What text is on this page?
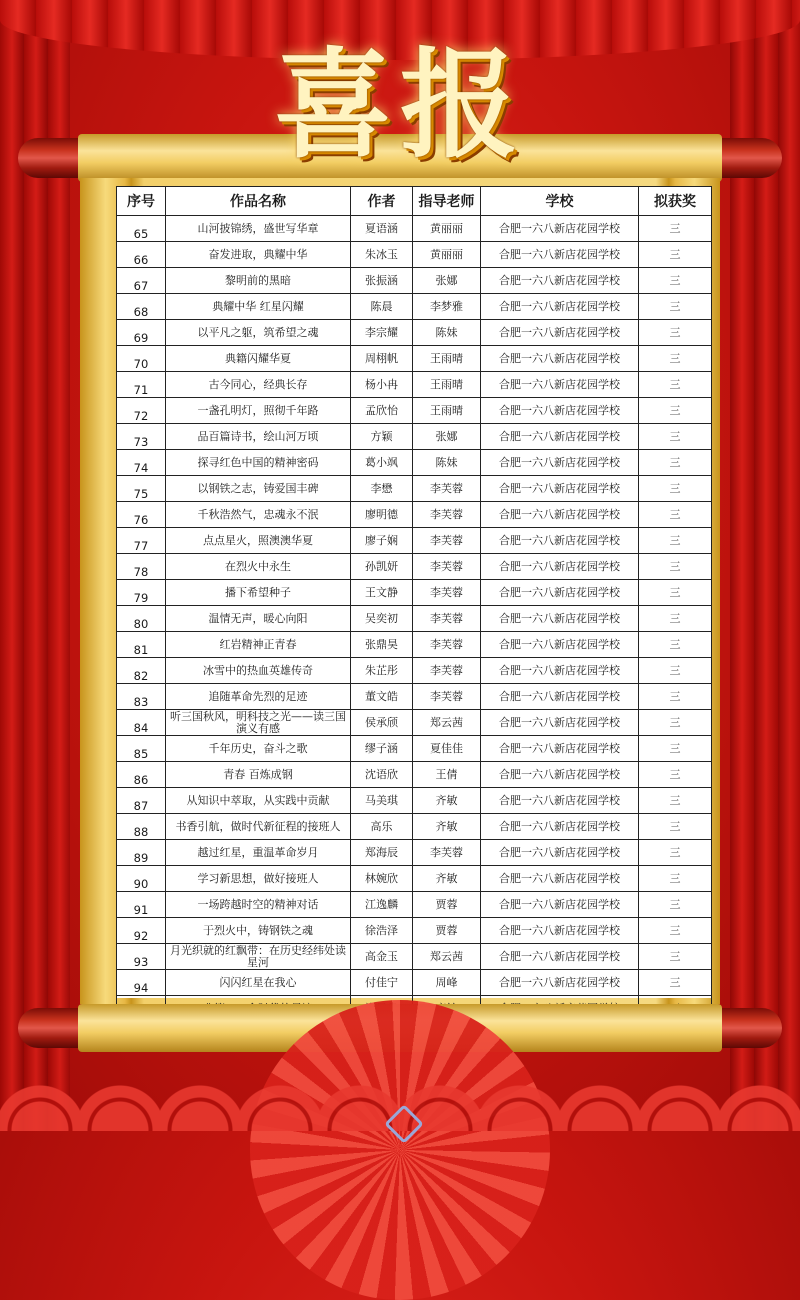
序号	作品名称	作者	指导老师	学校	拟获奖
65	山河披锦绣，盛世写华章	夏语涵	黄丽丽	合肥一六八新店花园学校	三
66	奋发进取，典耀中华	朱冰玉	黄丽丽	合肥一六八新店花园学校	三
67	黎明前的黑暗	张振涵	张娜	合肥一六八新店花园学校	三
68	典耀中华 红星闪耀	陈晨	李梦雅	合肥一六八新店花园学校	三
69	以平凡之躯，筑希望之魂	李宗耀	陈妹	合肥一六八新店花园学校	三
70	典籍闪耀华夏	周栩帆	王雨晴	合肥一六八新店花园学校	三
71	古今同心，经典长存	杨小冉	王雨晴	合肥一六八新店花园学校	三
72	一盏孔明灯，照彻千年路	孟欣怡	王雨晴	合肥一六八新店花园学校	三
73	品百篇诗书，绘山河万顷	方颖	张娜	合肥一六八新店花园学校	三
74	探寻红色中国的精神密码	葛小飒	陈妹	合肥一六八新店花园学校	三
75	以钢铁之志，铸爱国丰碑	李懋	李芙蓉	合肥一六八新店花园学校	三
76	千秋浩然气，忠魂永不泯	廖明德	李芙蓉	合肥一六八新店花园学校	三
77	点点星火，照澳澳华夏	廖子娴	李芙蓉	合肥一六八新店花园学校	三
78	在烈火中永生	孙凯妍	李芙蓉	合肥一六八新店花园学校	三
79	播下希望种子	王文静	李芙蓉	合肥一六八新店花园学校	三
80	温情无声，暖心向阳	吴奕初	李芙蓉	合肥一六八新店花园学校	三
81	红岩精神正青春	张鼎昊	李芙蓉	合肥一六八新店花园学校	三
82	冰雪中的热血英雄传奇	朱芷彤	李芙蓉	合肥一六八新店花园学校	三
83	追随革命先烈的足迹	董文皓	李芙蓉	合肥一六八新店花园学校	三
84	听三国秋风，明科技之光——读三国演义有感	侯承颀	郑云茜	合肥一六八新店花园学校	三
85	千年历史，奋斗之歌	缪子涵	夏佳佳	合肥一六八新店花园学校	三
86	青春 百炼成钢	沈语欣	王倩	合肥一六八新店花园学校	三
87	从知识中萃取，从实践中贡献	马美琪	齐敏	合肥一六八新店花园学校	三
88	书香引航，做时代新征程的接班人	高乐	齐敏	合肥一六八新店花园学校	三
89	越过红星，重温革命岁月	郑海辰	李芙蓉	合肥一六八新店花园学校	三
90	学习新思想，做好接班人	林婉欣	齐敏	合肥一六八新店花园学校	三
91	一场跨越时空的精神对话	江逸麟	贾蓉	合肥一六八新店花园学校	三
92	于烈火中，铸钢铁之魂	徐浩泽	贾蓉	合肥一六八新店花园学校	三
93	月光织就的红飘带：在历史经纬处读星河	高金玉	郑云茜	合肥一六八新店花园学校	三
94	闪闪红星在我心	付佳宁	周峰	合肥一六八新店花园学校	三

喜报
